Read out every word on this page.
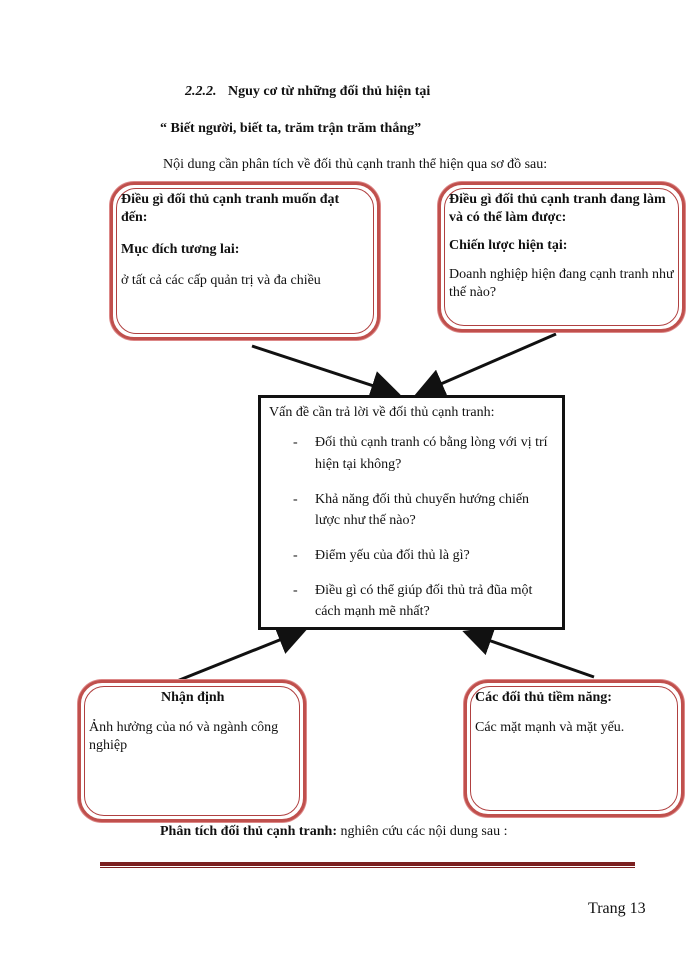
2.2.2. Nguy cơ từ những đối thủ hiện tại
“ Biết người, biết ta, trăm trận trăm thắng”
Nội dung cần phân tích về đối thủ cạnh tranh thể hiện qua sơ đồ sau:

Điều gì đối thủ cạnh tranh muốn đạt đến:

Mục đích tương lai:

ở tất cả các cấp quản trị và đa chiều

Điều gì đối thủ cạnh tranh đang làm và có thể làm được:

Chiến lược hiện tại:

Doanh nghiệp hiện đang cạnh tranh như thế nào?

Vấn đề cần trả lời về đối thủ cạnh tranh:

- Đối thủ cạnh tranh có bằng lòng với vị trí hiện tại không?
- Khả năng đối thủ chuyển hướng chiến lược như thế nào?
- Điểm yếu của đối thủ là gì?
- Điều gì có thể giúp đối thủ trả đũa một cách mạnh mẽ nhất?

Nhận định

Ảnh hưởng của nó và ngành công nghiệp

Các đối thủ tiềm năng:

Các mặt mạnh và mặt yếu.

Phân tích đối thủ cạnh tranh: nghiên cứu các nội dung sau :
Trang 13
